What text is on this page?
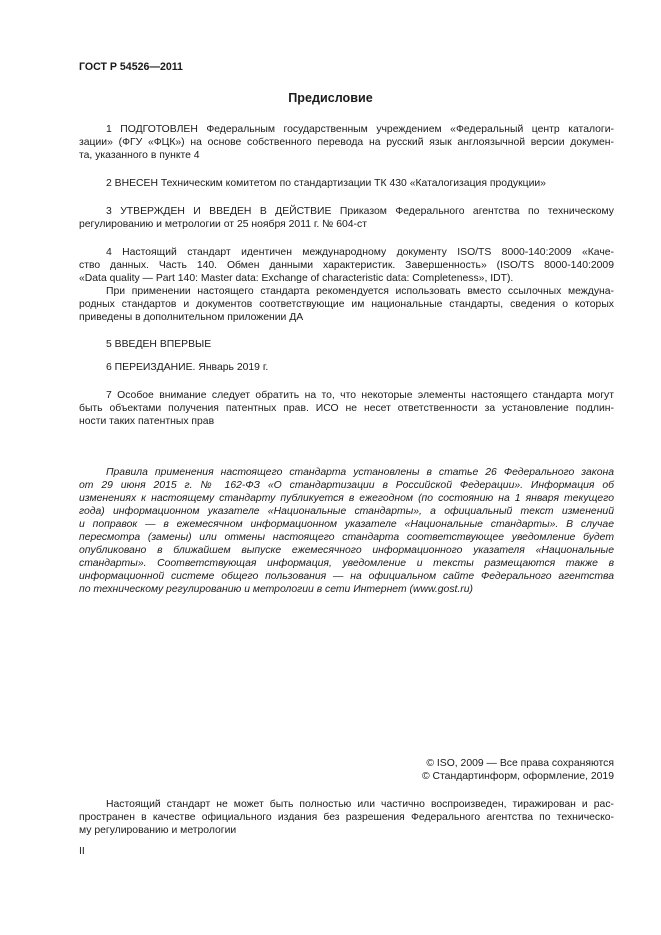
ГОСТ Р 54526—2011
Предисловие
1 ПОДГОТОВЛЕН Федеральным государственным учреждением «Федеральный центр каталоги-
зации» (ФГУ «ФЦК») на основе собственного перевода на русский язык англоязычной версии докумен-
та, указанного в пункте 4
2 ВНЕСЕН Техническим комитетом по стандартизации ТК 430 «Каталогизация продукции»
3 УТВЕРЖДЕН И ВВЕДЕН В ДЕЙСТВИЕ Приказом Федерального агентства по техническому
регулированию и метрологии от 25 ноября 2011 г. № 604-ст
4 Настоящий стандарт идентичен международному документу ISO/TS 8000-140:2009 «Каче-
ство данных. Часть 140. Обмен данными характеристик. Завершенность» (ISO/TS 8000-140:2009
«Data quality — Part 140: Master data: Exchange of characteristic data: Completeness», IDT).
При применении настоящего стандарта рекомендуется использовать вместо ссылочных междуна-
родных стандартов и документов соответствующие им национальные стандарты, сведения о которых
приведены в дополнительном приложении ДА
5 ВВЕДЕН ВПЕРВЫЕ
6 ПЕРЕИЗДАНИЕ. Январь 2019 г.
7 Особое внимание следует обратить на то, что некоторые элементы настоящего стандарта могут
быть объектами получения патентных прав. ИСО не несет ответственности за установление подлин-
ности таких патентных прав
Правила применения настоящего стандарта установлены в статье 26 Федерального закона
от 29 июня 2015 г. № 162-ФЗ «О стандартизации в Российской Федерации». Информация об
изменениях к настоящему стандарту публикуется в ежегодном (по состоянию на 1 января текущего
года) информационном указателе «Национальные стандарты», а официальный текст изменений
и поправок — в ежемесячном информационном указателе «Национальные стандарты». В случае
пересмотра (замены) или отмены настоящего стандарта соответствующее уведомление будет
опубликовано в ближайшем выпуске ежемесячного информационного указателя «Национальные
стандарты». Соответствующая информация, уведомление и тексты размещаются также в
информационной системе общего пользования — на официальном сайте Федерального агентства
по техническому регулированию и метрологии в сети Интернет (www.gost.ru)
© ISO, 2009 — Все права сохраняются
© Стандартинформ, оформление, 2019
Настоящий стандарт не может быть полностью или частично воспроизведен, тиражирован и рас-
пространен в качестве официального издания без разрешения Федерального агентства по техническо-
му регулированию и метрологии
II
